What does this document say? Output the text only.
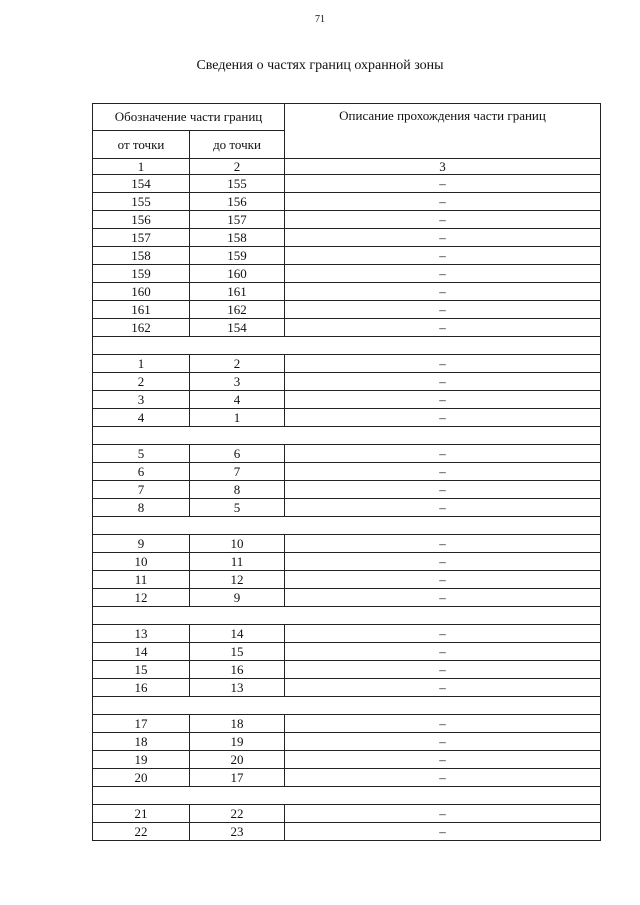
71
Сведения о частях границ охранной зоны
Обозначение части границ		Описание прохождения части границ
от точки	до точки	
1	2	3
154	155	–
155	156	–
156	157	–
157	158	–
158	159	–
159	160	–
160	161	–
161	162	–
162	154	–

1	2	–
2	3	–
3	4	–
4	1	–

5	6	–
6	7	–
7	8	–
8	5	–

9	10	–
10	11	–
11	12	–
12	9	–

13	14	–
14	15	–
15	16	–
16	13	–

17	18	–
18	19	–
19	20	–
20	17	–

21	22	–
22	23	–
